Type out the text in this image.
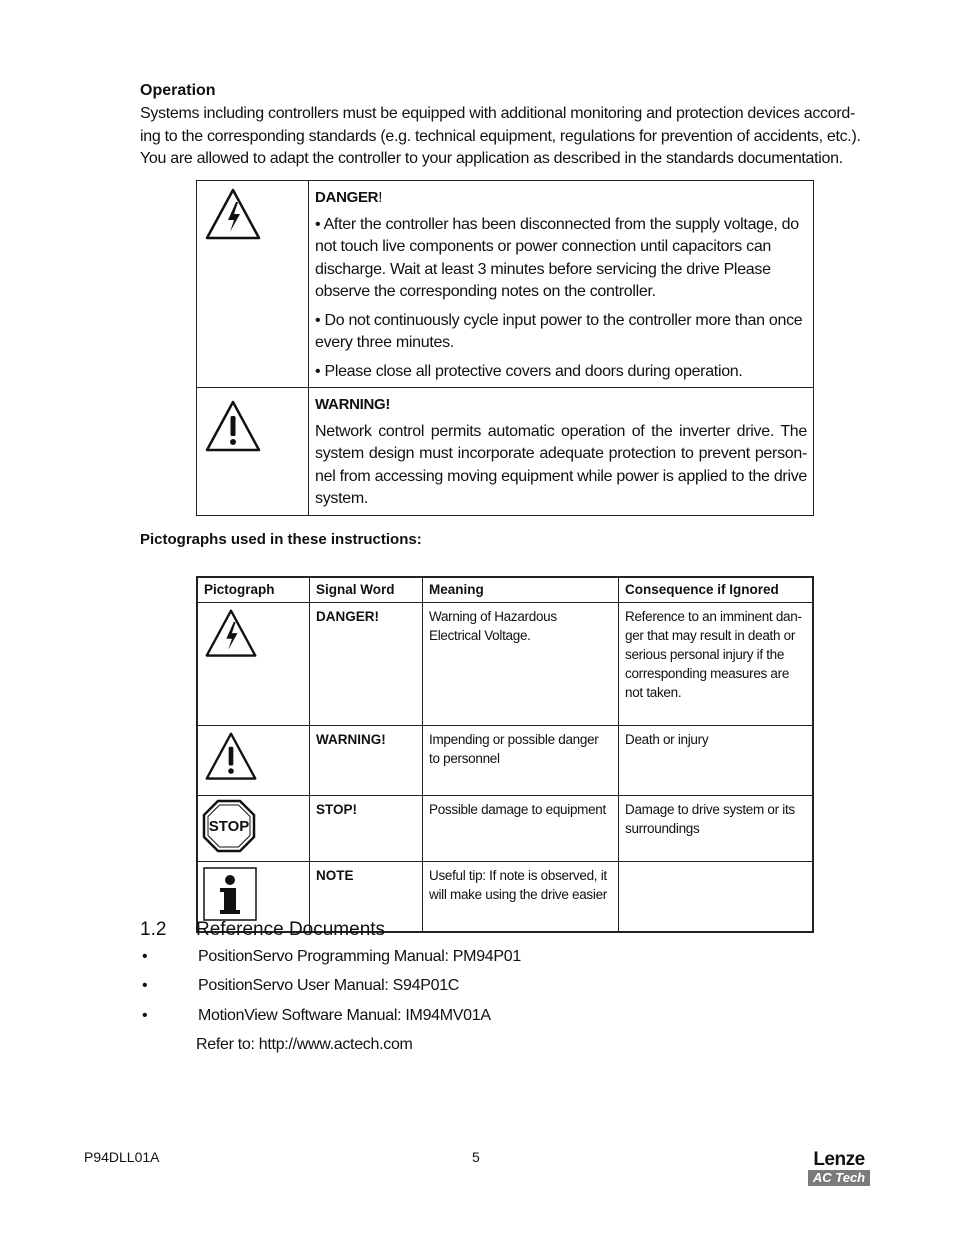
Operation
Systems including controllers must be equipped with additional monitoring and protection devices accord-ing to the corresponding standards (e.g. technical equipment, regulations for prevention of accidents, etc.). You are allowed to adapt the controller to your application as described in the standards documentation.

DANGER!
• After the controller has been disconnected from the supply voltage, do not touch live components or power connection until capacitors can discharge. Wait at least 3 minutes before servicing the drive Please observe the corresponding notes on the controller.
• Do not continuously cycle input power to the controller more than once every three minutes.
• Please close all protective covers and doors during operation.

WARNING!
Network control permits automatic operation of the inverter drive. The system design must incorporate adequate protection to prevent person-nel from accessing moving equipment while power is applied to the drive system.
Pictographs used in these instructions:
Pictograph	Signal Word	Meaning	Consequence if Ignored
	DANGER!	Warning of Hazardous Electrical Voltage.	Reference to an imminent dan-ger that may result in death or serious personal injury if the corresponding measures are not taken.
	WARNING!	Impending or possible danger to personnel	Death or injury

STOP	STOP!	Possible damage to equipment	Damage to drive system or its surroundings
	NOTE	Useful tip: If note is observed, it will make using the drive easier	
1.2 Reference Documents
•	PositionServo Programming Manual: PM94P01
•	PositionServo User Manual: S94P01C
•	MotionView Software Manual: IM94MV01A
Refer to: http://www.actech.com
P94DLL01A	5	Lenze
AC Tech
